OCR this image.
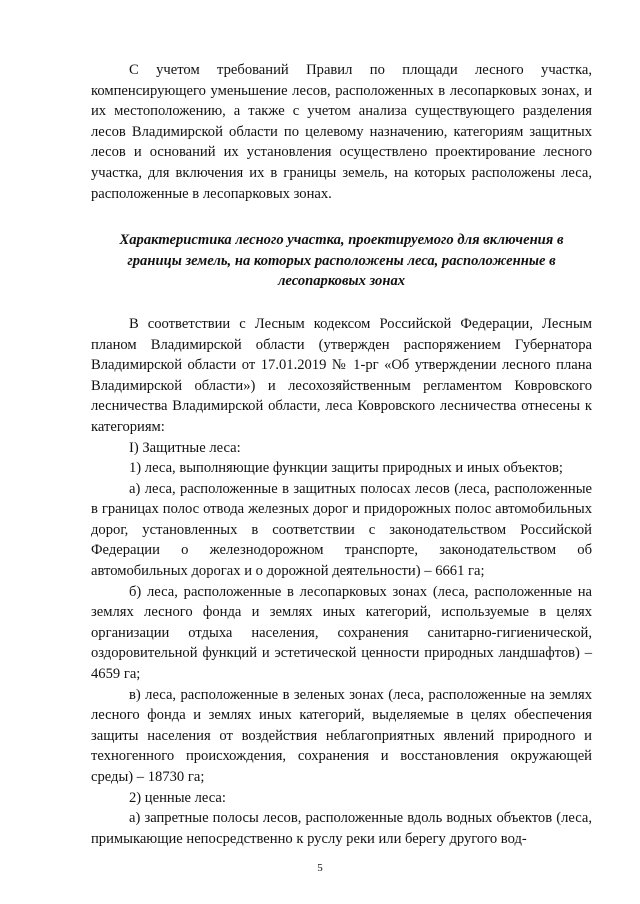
С учетом требований Правил по площади лесного участка, компенсирующего уменьшение лесов, расположенных в лесопарковых зонах, и их местоположению, а также с учетом анализа существующего разделения лесов Владимирской области по целевому назначению, категориям защитных лесов и оснований их установления осуществлено проектирование лесного участка, для включения их в границы земель, на которых расположены леса, расположенные в лесопарковых зонах.

Характеристика лесного участка, проектируемого для включения в границы земель, на которых расположены леса, расположенные в лесопарковых зонах

В соответствии с Лесным кодексом Российской Федерации, Лесным планом Владимирской области (утвержден распоряжением Губернатора Владимирской области от 17.01.2019 № 1-рг «Об утверждении лесного плана Владимирской области») и лесохозяйственным регламентом Ковровского лесничества Владимирской области, леса Ковровского лесничества отнесены к категориям:

I) Защитные леса:

1) леса, выполняющие функции защиты природных и иных объектов;

а) леса, расположенные в защитных полосах лесов (леса, расположенные в границах полос отвода железных дорог и придорожных полос автомобильных дорог, установленных в соответствии с законодательством Российской Федерации о железнодорожном транспорте, законодательством об автомобильных дорогах и о дорожной деятельности) – 6661 га;

б) леса, расположенные в лесопарковых зонах (леса, расположенные на землях лесного фонда и землях иных категорий, используемые в целях организации отдыха населения, сохранения санитарно-гигиенической, оздоровительной функций и эстетической ценности природных ландшафтов) – 4659 га;

в) леса, расположенные в зеленых зонах (леса, расположенные на землях лесного фонда и землях иных категорий, выделяемые в целях обеспечения защиты населения от воздействия неблагоприятных явлений природного и техногенного происхождения, сохранения и восстановления окружающей среды) – 18730 га;

2) ценные леса:

а) запретные полосы лесов, расположенные вдоль водных объектов (леса, примыкающие непосредственно к руслу реки или берегу другого вод-

5
